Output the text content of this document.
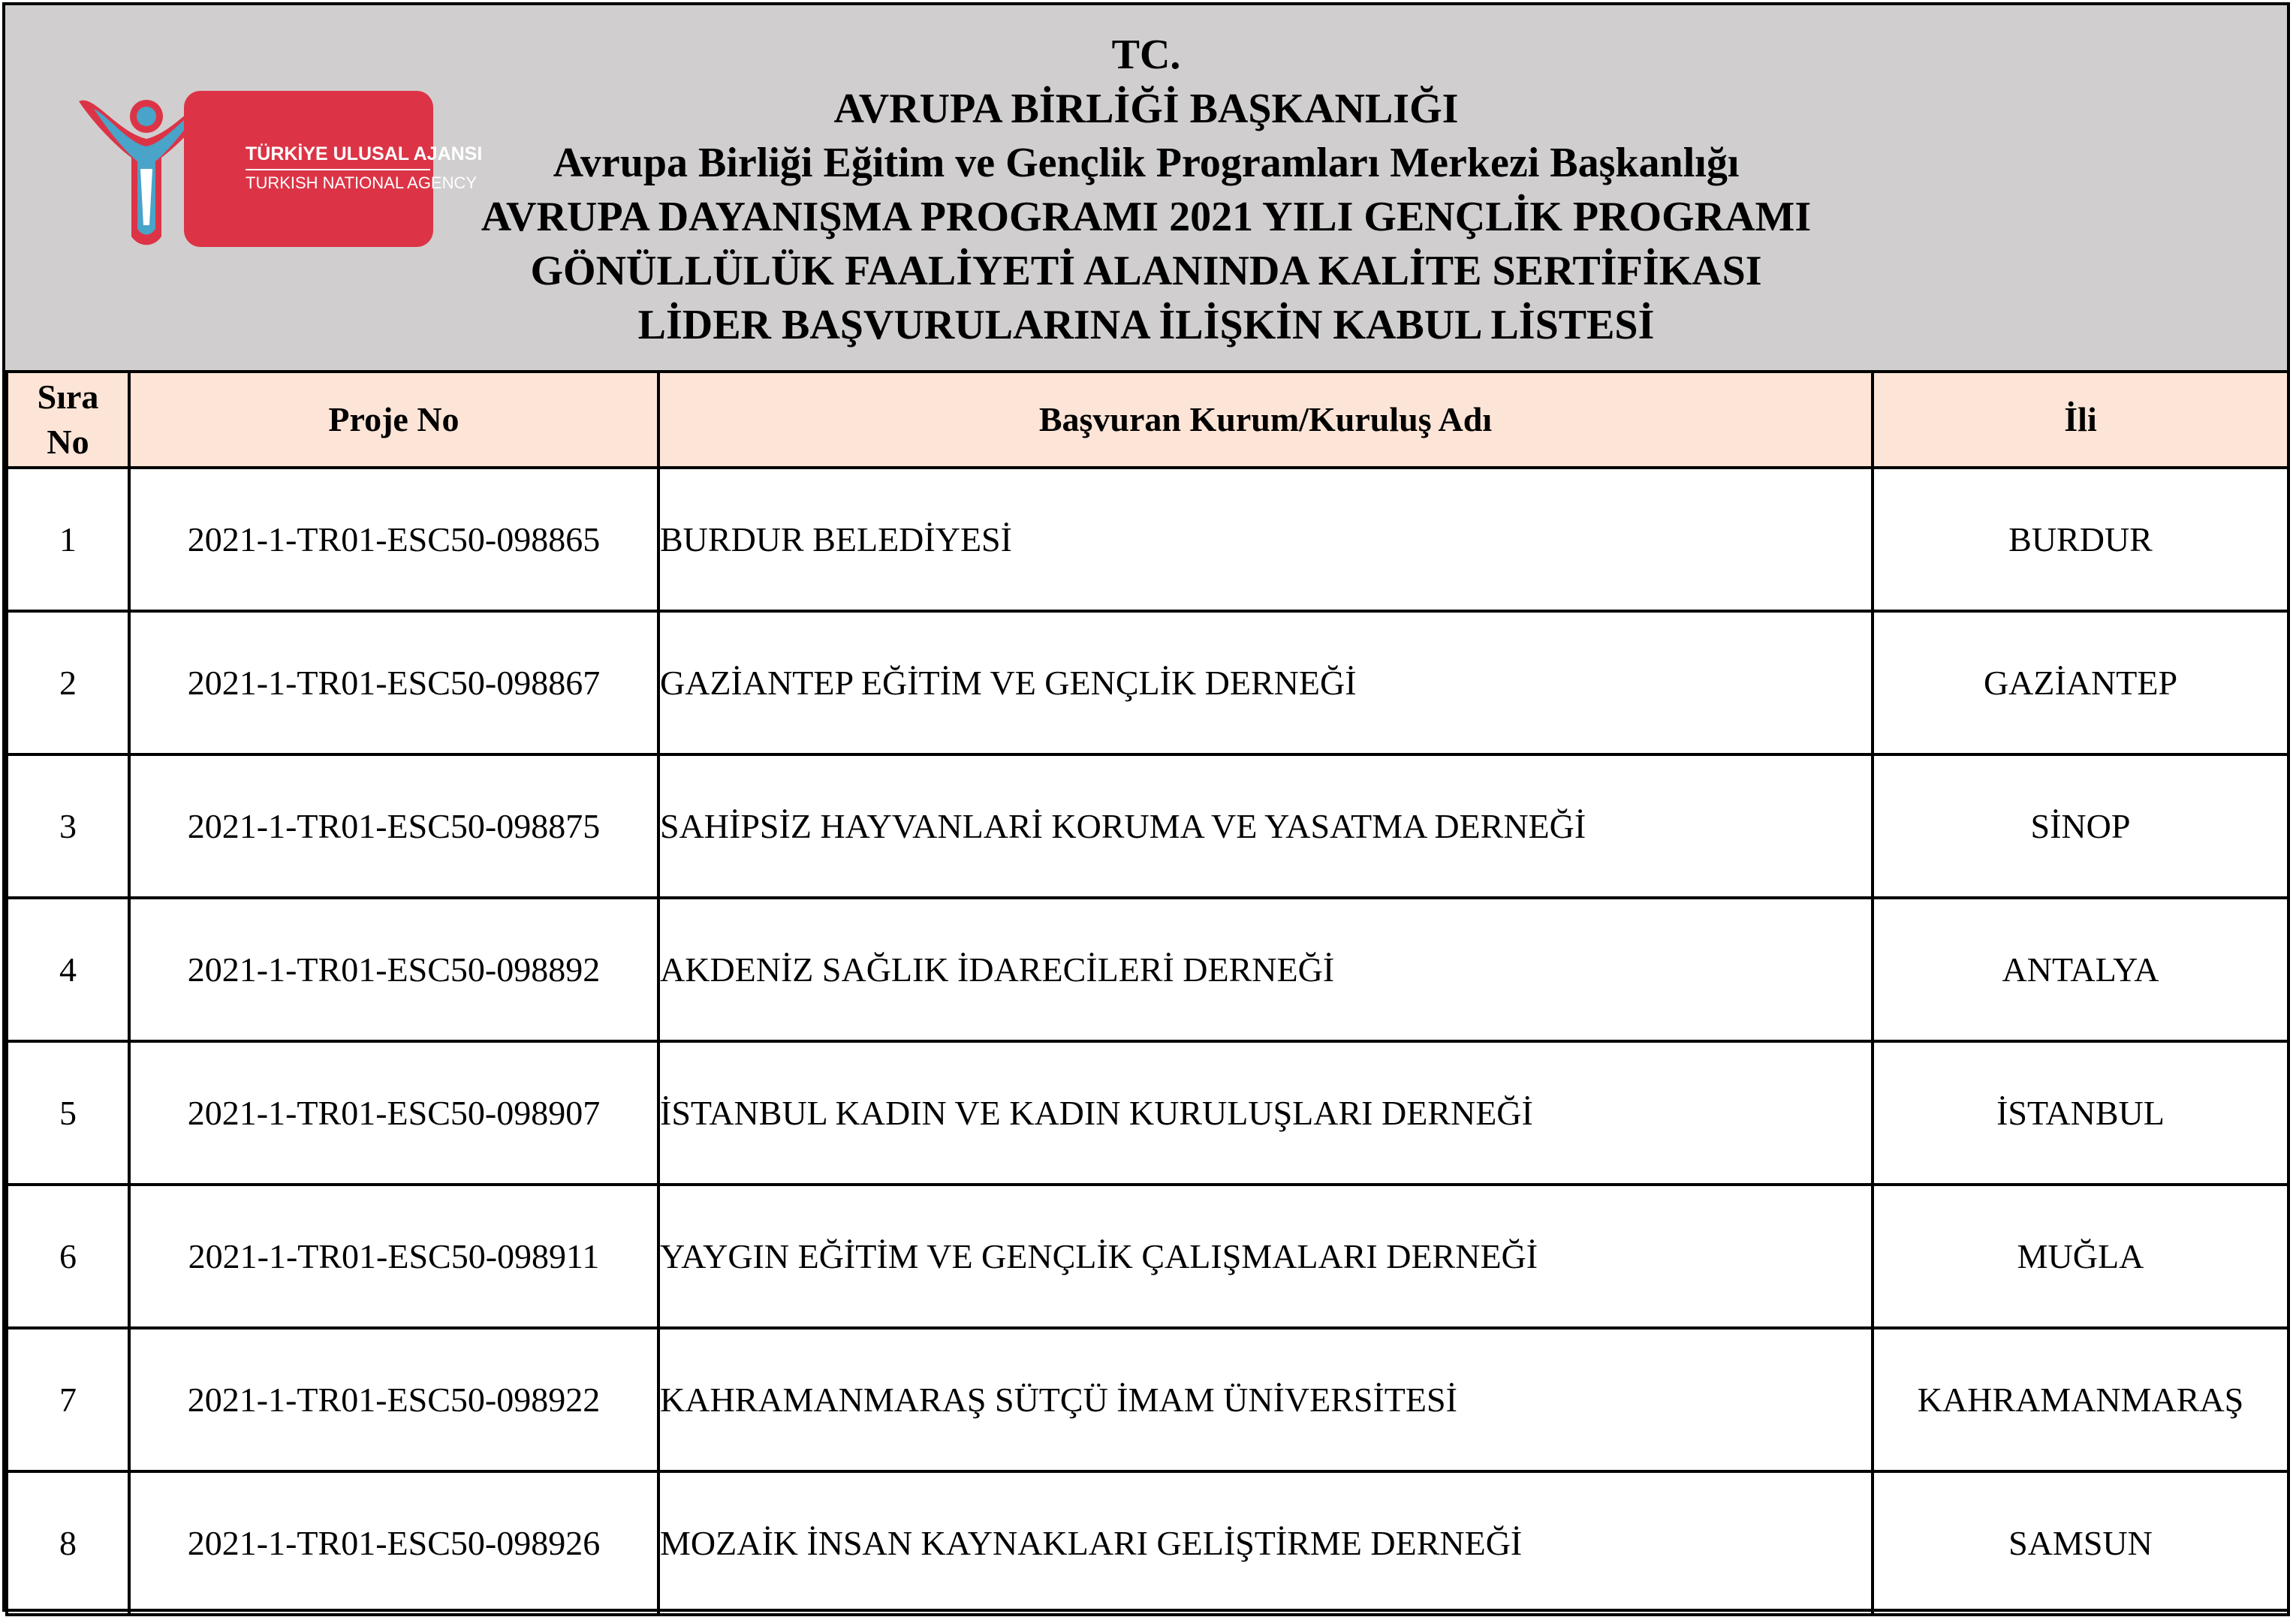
TÜRKİYE ULUSAL AJANSI
TURKISH NATIONAL AGENCY
TC.
AVRUPA BİRLİĞİ BAŞKANLIĞI
Avrupa Birliği Eğitim ve Gençlik Programları Merkezi Başkanlığı
AVRUPA DAYANIŞMA PROGRAMI 2021 YILI GENÇLİK PROGRAMI
GÖNÜLLÜLÜK FAALİYETİ ALANINDA KALİTE SERTİFİKASI
LİDER BAŞVURULARINA İLİŞKİN KABUL LİSTESİ
Sıra No	Proje No	Başvuran Kurum/Kuruluş Adı	İli
1	2021-1-TR01-ESC50-098865	BURDUR BELEDİYESİ	BURDUR
2	2021-1-TR01-ESC50-098867	GAZİANTEP EĞİTİM VE GENÇLİK DERNEĞİ	GAZİANTEP
3	2021-1-TR01-ESC50-098875	SAHİPSİZ HAYVANLARİ KORUMA VE YASATMA DERNEĞİ	SİNOP
4	2021-1-TR01-ESC50-098892	AKDENİZ SAĞLIK İDARECİLERİ DERNEĞİ	ANTALYA
5	2021-1-TR01-ESC50-098907	İSTANBUL KADIN VE KADIN KURULUŞLARI DERNEĞİ	İSTANBUL
6	2021-1-TR01-ESC50-098911	YAYGIN EĞİTİM VE GENÇLİK ÇALIŞMALARI DERNEĞİ	MUĞLA
7	2021-1-TR01-ESC50-098922	KAHRAMANMARAŞ SÜTÇÜ İMAM ÜNİVERSİTESİ	KAHRAMANMARAŞ
8	2021-1-TR01-ESC50-098926	MOZAİK İNSAN KAYNAKLARI GELİŞTİRME DERNEĞİ	SAMSUN
